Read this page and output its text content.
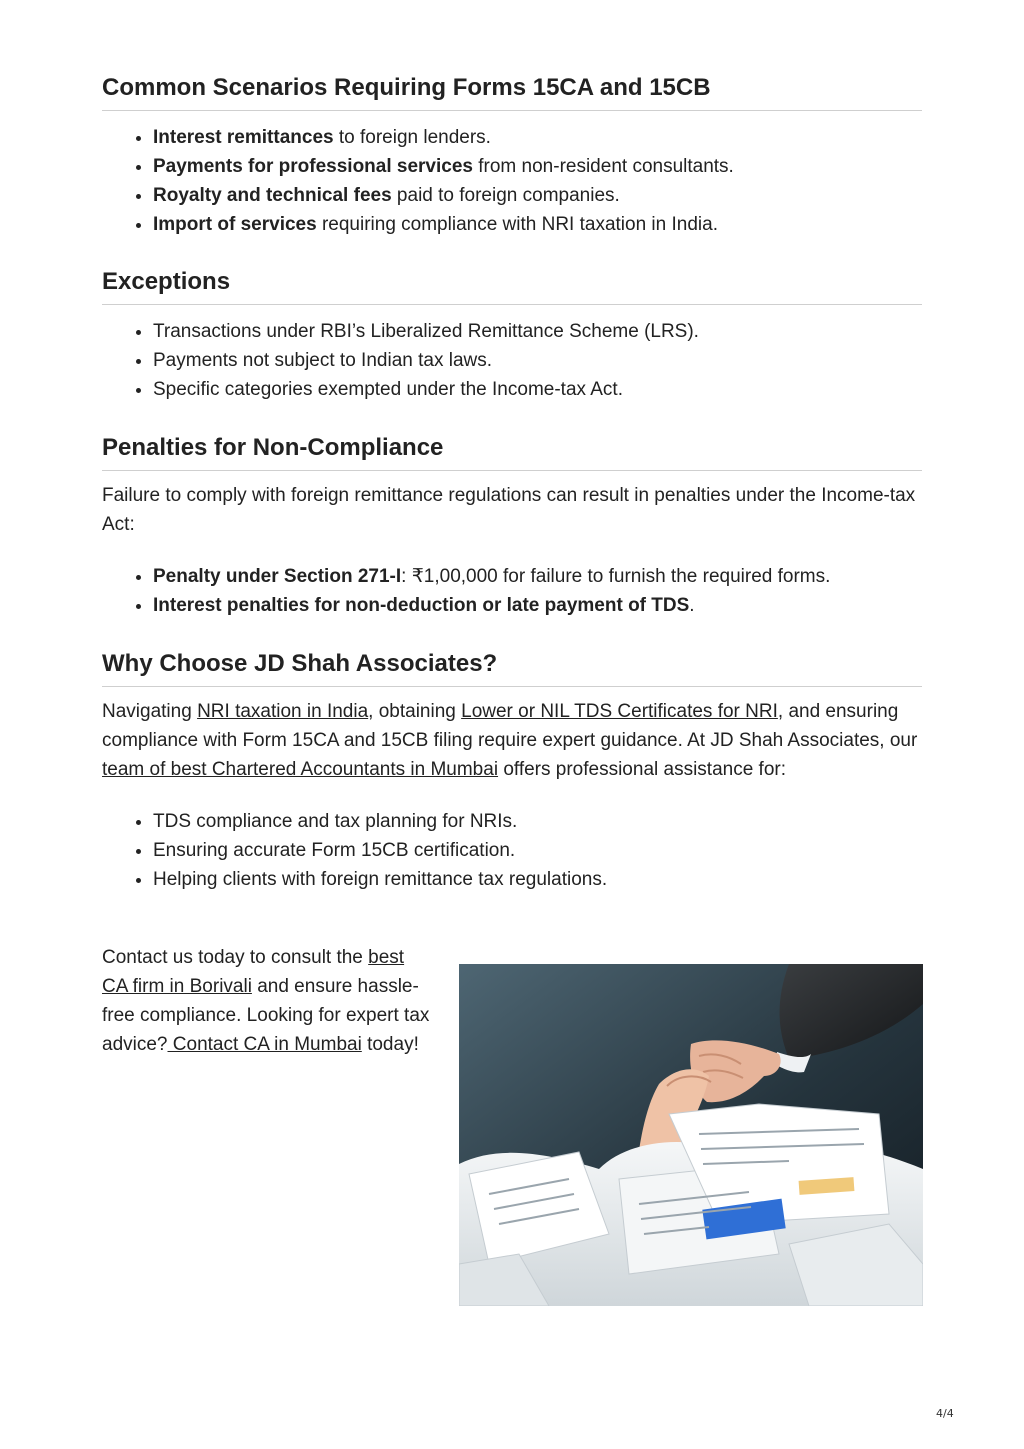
Common Scenarios Requiring Forms 15CA and 15CB
• Interest remittances to foreign lenders.
• Payments for professional services from non-resident consultants.
• Royalty and technical fees paid to foreign companies.
• Import of services requiring compliance with NRI taxation in India.
Exceptions
• Transactions under RBI’s Liberalized Remittance Scheme (LRS).
• Payments not subject to Indian tax laws.
• Specific categories exempted under the Income-tax Act.
Penalties for Non-Compliance

Failure to comply with foreign remittance regulations can result in penalties under the Income-tax Act:

• Penalty under Section 271-I: ₹1,00,000 for failure to furnish the required forms.
• Interest penalties for non-deduction or late payment of TDS.
Why Choose JD Shah Associates?

Navigating NRI taxation in India, obtaining Lower or NIL TDS Certificates for NRI, and ensuring compliance with Form 15CA and 15CB filing require expert guidance. At JD Shah Associates, our team of best Chartered Accountants in Mumbai offers professional assistance for:

• TDS compliance and tax planning for NRIs.
• Ensuring accurate Form 15CB certification.
• Helping clients with foreign remittance tax regulations.

Contact us today to consult the best CA firm in Borivali and ensure hassle-free compliance. Looking for expert tax advice? Contact CA in Mumbai today!

4/4
